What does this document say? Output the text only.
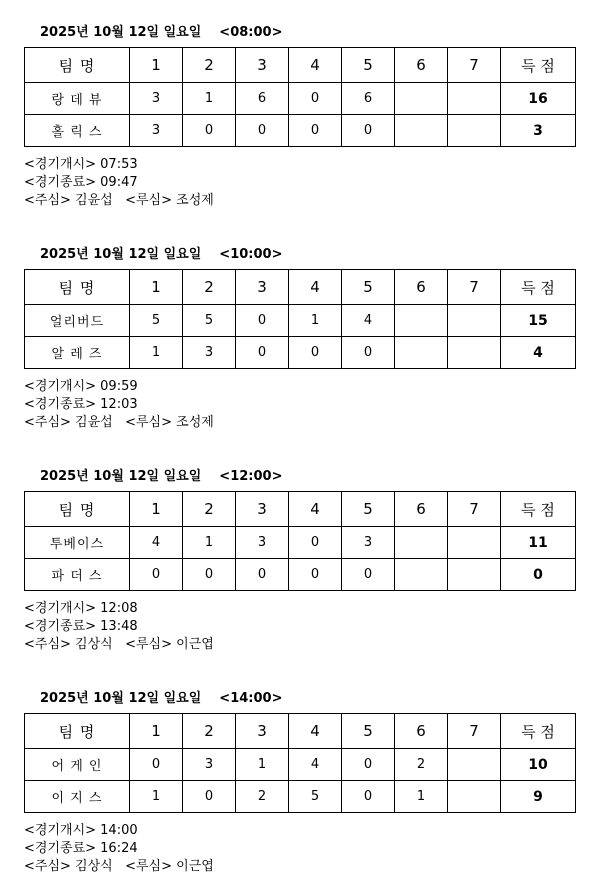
2025년 10월 12일 일요일 <08:00>
팀 명	1	2	3	4	5	6	7	득 점
랑 데 뷰	3	1	6	0	6			16
홀 릭 스	3	0	0	0	0			3
<경기개시> 07:53
<경기종료> 09:47
<주심> 김윤섭   <루심> 조성제
2025년 10월 12일 일요일 <10:00>
팀 명	1	2	3	4	5	6	7	득 점
얼리버드	5	5	0	1	4			15
알 레 즈	1	3	0	0	0			4
<경기개시> 09:59
<경기종료> 12:03
<주심> 김윤섭   <루심> 조성제
2025년 10월 12일 일요일 <12:00>
팀 명	1	2	3	4	5	6	7	득 점
투베이스	4	1	3	0	3			11
파 더 스	0	0	0	0	0			0
<경기개시> 12:08
<경기종료> 13:48
<주심> 김상식   <루심> 이근엽
2025년 10월 12일 일요일 <14:00>
팀 명	1	2	3	4	5	6	7	득 점
어 게 인	0	3	1	4	0	2		10
이 지 스	1	0	2	5	0	1		9
<경기개시> 14:00
<경기종료> 16:24
<주심> 김상식   <루심> 이근엽
